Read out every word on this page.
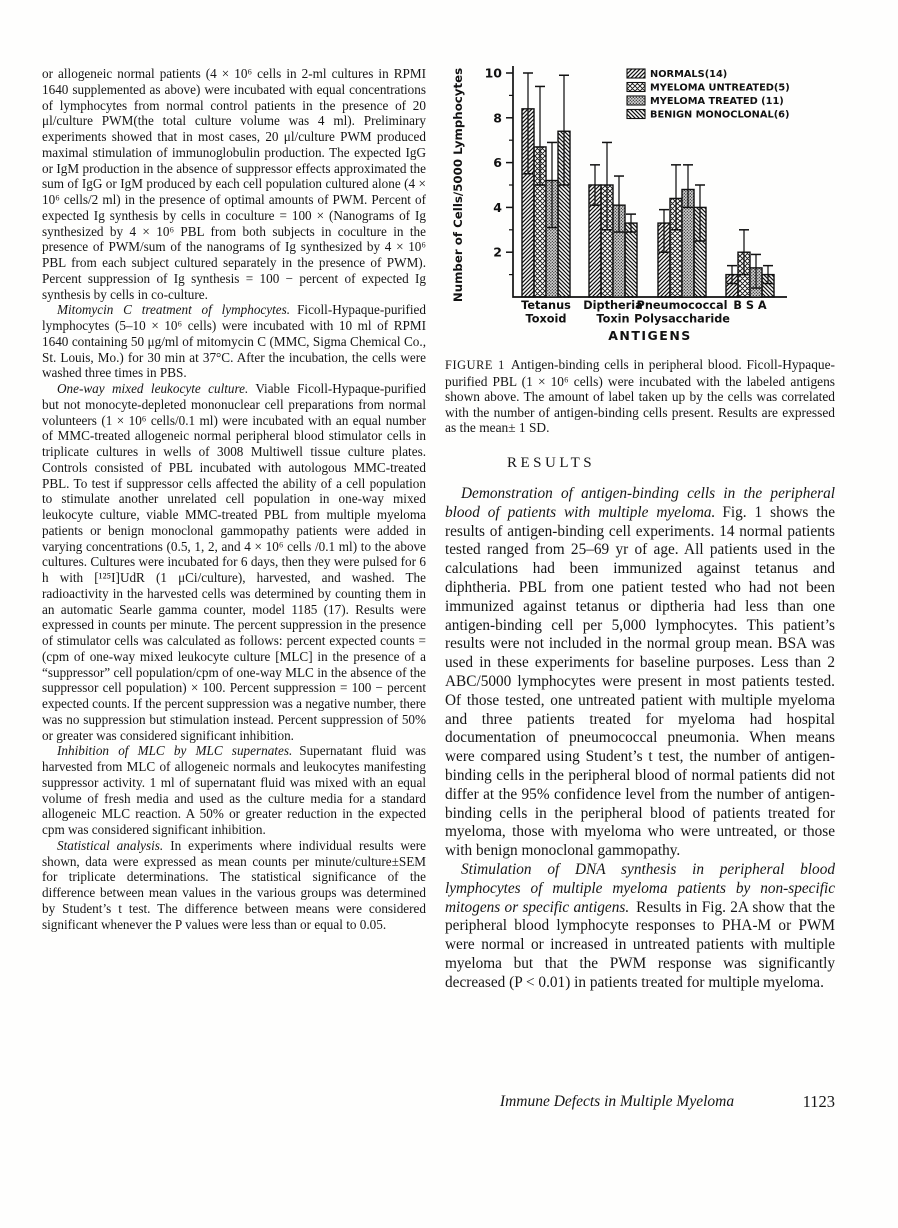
or allogeneic normal patients (4 × 10⁶ cells in 2-ml cultures in RPMI 1640 supplemented as above) were incubated with equal concentrations of lymphocytes from normal control patients in the presence of 20 μl/culture PWM(the total culture volume was 4 ml). Preliminary experiments showed that in most cases, 20 μl/culture PWM produced maximal stimulation of immunoglobulin production. The expected IgG or IgM production in the absence of suppressor effects approximated the sum of IgG or IgM produced by each cell population cultured alone (4 × 10⁶ cells/2 ml) in the presence of optimal amounts of PWM. Percent of expected Ig synthesis by cells in coculture = 100 × (Nanograms of Ig synthesized by 4 × 10⁶ PBL from both subjects in coculture in the presence of PWM/sum of the nanograms of Ig synthesized by 4 × 10⁶ PBL from each subject cultured separately in the presence of PWM). Percent suppression of Ig synthesis = 100 − percent of expected Ig synthesis by cells in co-culture.

Mitomycin C treatment of lymphocytes. Ficoll-Hypaque-purified lymphocytes (5–10 × 10⁶ cells) were incubated with 10 ml of RPMI 1640 containing 50 μg/ml of mitomycin C (MMC, Sigma Chemical Co., St. Louis, Mo.) for 30 min at 37°C. After the incubation, the cells were washed three times in PBS.

One-way mixed leukocyte culture. Viable Ficoll-Hypaque-purified but not monocyte-depleted mononuclear cell preparations from normal volunteers (1 × 10⁶ cells/0.1 ml) were incubated with an equal number of MMC-treated allogeneic normal peripheral blood stimulator cells in triplicate cultures in wells of 3008 Multiwell tissue culture plates. Controls consisted of PBL incubated with autologous MMC-treated PBL. To test if suppressor cells affected the ability of a cell population to stimulate another unrelated cell population in one-way mixed leukocyte culture, viable MMC-treated PBL from multiple myeloma patients or benign monoclonal gammopathy patients were added in varying concentrations (0.5, 1, 2, and 4 × 10⁶ cells /0.1 ml) to the above cultures. Cultures were incubated for 6 days, then they were pulsed for 6 h with [¹²⁵I]UdR (1 μCi/culture), harvested, and washed. The radioactivity in the harvested cells was determined by counting them in an automatic Searle gamma counter, model 1185 (17). Results were expressed in counts per minute. The percent suppression in the presence of stimulator cells was calculated as follows: percent expected counts = (cpm of one-way mixed leukocyte culture [MLC] in the presence of a “suppressor” cell population/cpm of one-way MLC in the absence of the suppressor cell population) × 100. Percent suppression = 100 − percent expected counts. If the percent suppression was a negative number, there was no suppression but stimulation instead. Percent suppression of 50% or greater was considered significant inhibition.

Inhibition of MLC by MLC supernates. Supernatant fluid was harvested from MLC of allogeneic normals and leukocytes manifesting suppressor activity. 1 ml of supernatant fluid was mixed with an equal volume of fresh media and used as the culture media for a standard allogeneic MLC reaction. A 50% or greater reduction in the expected cpm was considered significant inhibition.

Statistical analysis. In experiments where individual results were shown, data were expressed as mean counts per minute/culture±SEM for triplicate determinations. The statistical significance of the difference between mean values in the various groups was determined by Student’s t test. The difference between means were considered significant whenever the P values were less than or equal to 0.05.

2
4
6
8
10
Number of Cells/5000 Lymphocytes	NORMALS(14)
MYELOMA UNTREATED(5)
MYELOMA TREATED (11)
BENIGN MONOCLONAL(6)
Tetanus
Toxoid
Diptheria
Toxin
Pneumococcal
Polysaccharide
B S A
ANTIGENS
FIGURE 1 Antigen-binding cells in peripheral blood. Ficoll-Hypaque-purified PBL (1 × 10⁶ cells) were incubated with the labeled antigens shown above. The amount of label taken up by the cells was correlated with the number of antigen-binding cells present. Results are expressed as the mean± 1 SD.
RESULTS

Demonstration of antigen-binding cells in the peripheral blood of patients with multiple myeloma. Fig. 1 shows the results of antigen-binding cell experiments. 14 normal patients tested ranged from 25–69 yr of age. All patients used in the calculations had been immunized against tetanus and diphtheria. PBL from one patient tested who had not been immunized against tetanus or diptheria had less than one antigen-binding cell per 5,000 lymphocytes. This patient’s results were not included in the normal group mean. BSA was used in these experiments for baseline purposes. Less than 2 ABC/5000 lymphocytes were present in most patients tested. Of those tested, one untreated patient with multiple myeloma and three patients treated for myeloma had hospital documentation of pneumococcal pneumonia. When means were compared using Student’s t test, the number of antigen-binding cells in the peripheral blood of normal patients did not differ at the 95% confidence level from the number of antigen-binding cells in the peripheral blood of patients treated for myeloma, those with myeloma who were untreated, or those with benign monoclonal gammopathy.

Stimulation of DNA synthesis in peripheral blood lymphocytes of multiple myeloma patients by non-specific mitogens or specific antigens. Results in Fig. 2A show that the peripheral blood lymphocyte responses to PHA-M or PWM were normal or increased in untreated patients with multiple myeloma but that the PWM response was significantly decreased (P < 0.01) in patients treated for multiple myeloma.

Immune Defects in Multiple Myeloma	1123
